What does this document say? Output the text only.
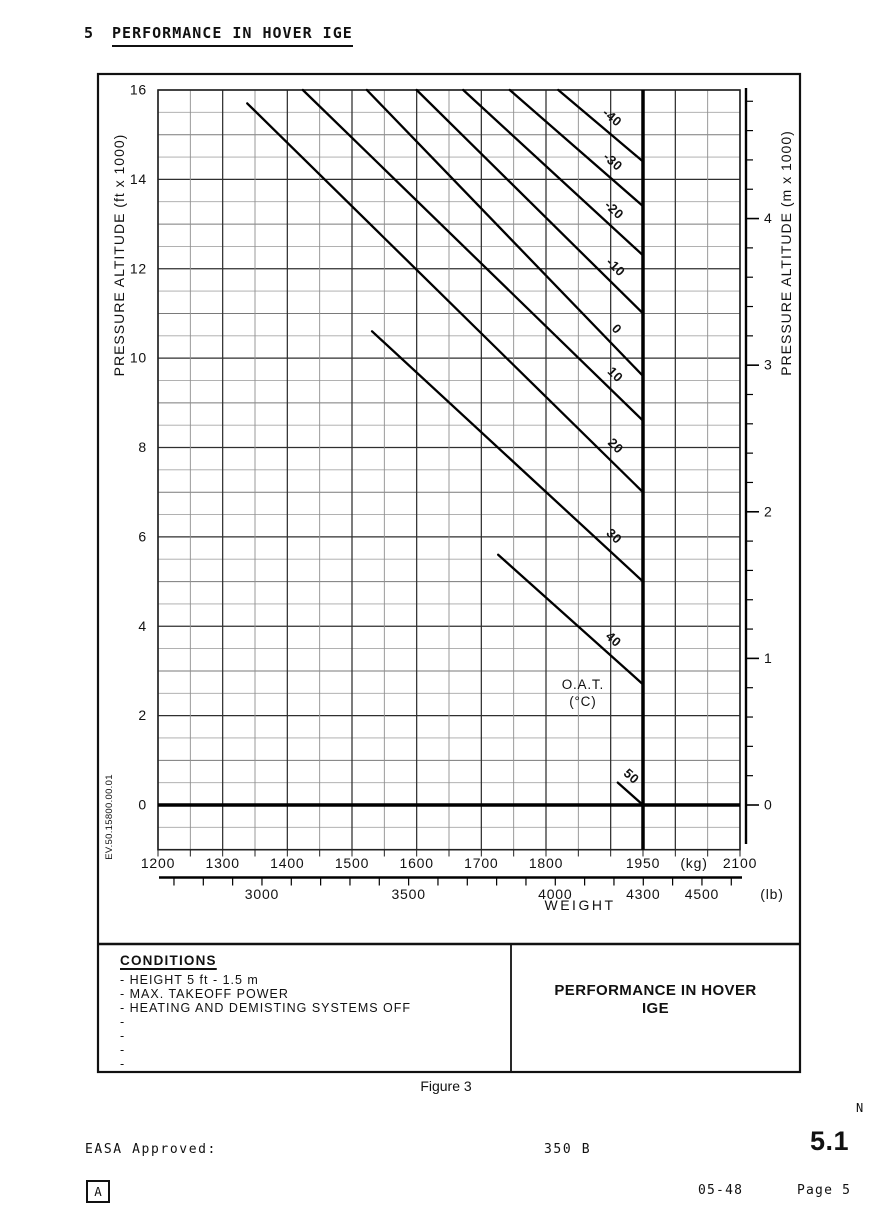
5 PERFORMANCE IN HOVER IGE
0
2
4
6
8
10
12
14
16
PRESSURE ALTITUDE (ft x 1000)
1200 1300 1400 1500 1600 1700 1800	1950	2100
(kg)
3000	3500	4000	4300 4500	(lb)
WEIGHT
0
1
2
3
4 PRESSURE ALTITUDE (m x 1000)
EV.50.15800.00.01
-40
-30
-20
-10
0
10
20
30
40
50
O.A.T.
(°C)
CONDITIONS
- HEIGHT 5 ft - 1.5 m
- MAX. TAKEOFF POWER
- HEATING AND DEMISTING SYSTEMS OFF
-
-
-
-
PERFORMANCE IN HOVER
IGE
Figure 3
EASA Approved:	350 B
N
5.1
05-48	Page 5
A
